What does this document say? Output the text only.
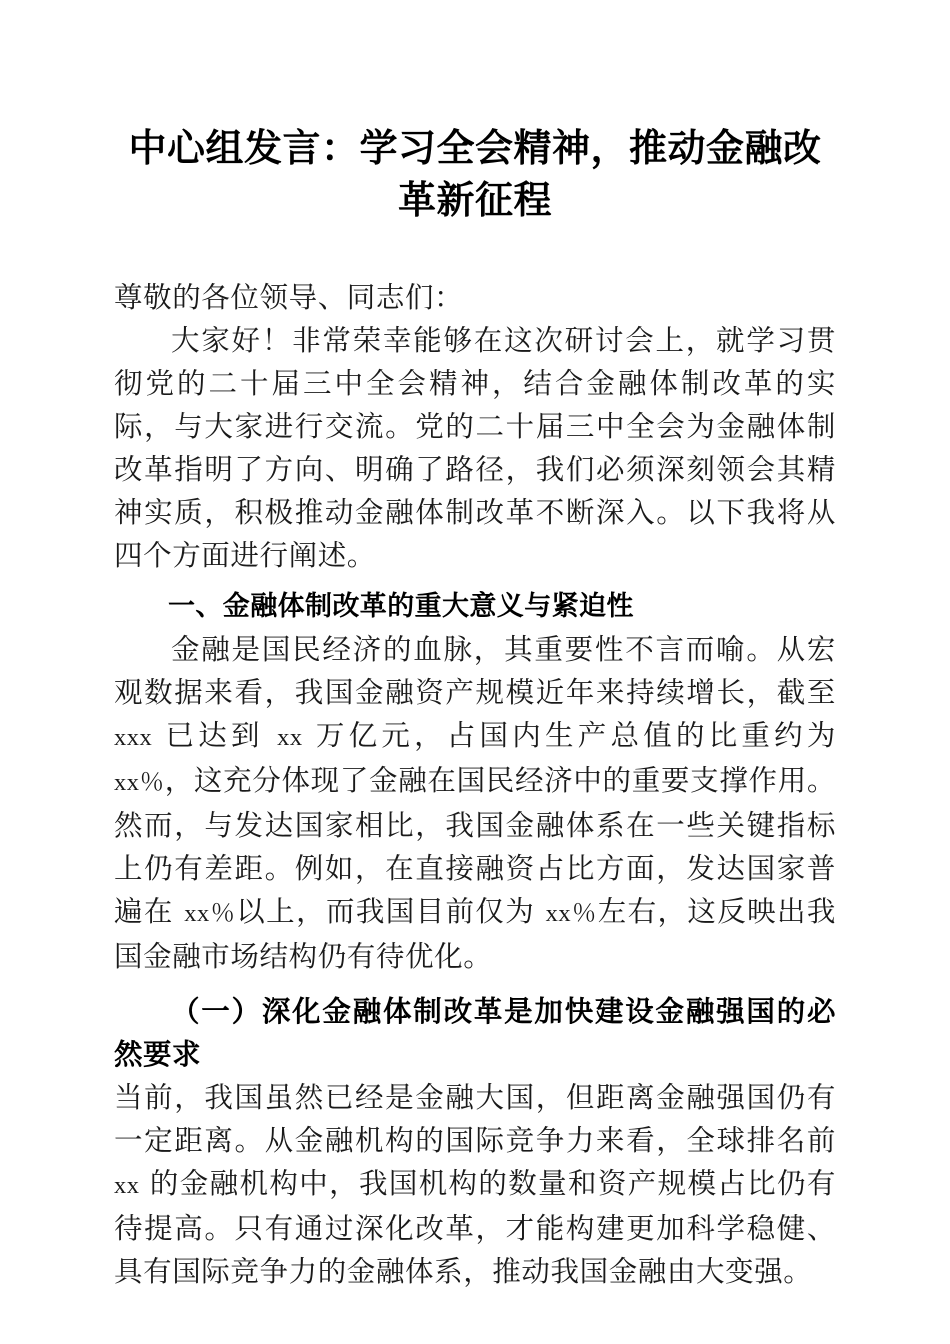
中心组发言：学习全会精神，推动金融改革新征程

尊敬的各位领导、同志们：

大家好！非常荣幸能够在这次研讨会上，就学习贯彻党的二十届三中全会精神，结合金融体制改革的实际，与大家进行交流。党的二十届三中全会为金融体制改革指明了方向、明确了路径，我们必须深刻领会其精神实质，积极推动金融体制改革不断深入。以下我将从四个方面进行阐述。

一、金融体制改革的重大意义与紧迫性

金融是国民经济的血脉，其重要性不言而喻。从宏观数据来看，我国金融资产规模近年来持续增长，截至 xxx 已达到 xx 万亿元，占国内生产总值的比重约为 xx％，这充分体现了金融在国民经济中的重要支撑作用。然而，与发达国家相比，我国金融体系在一些关键指标上仍有差距。例如，在直接融资占比方面，发达国家普遍在 xx％以上，而我国目前仅为 xx％左右，这反映出我国金融市场结构仍有待优化。

（一）深化金融体制改革是加快建设金融强国的必然要求

当前，我国虽然已经是金融大国，但距离金融强国仍有一定距离。从金融机构的国际竞争力来看，全球排名前 xx 的金融机构中，我国机构的数量和资产规模占比仍有待提高。只有通过深化改革，才能构建更加科学稳健、具有国际竞争力的金融体系，推动我国金融由大变强。
